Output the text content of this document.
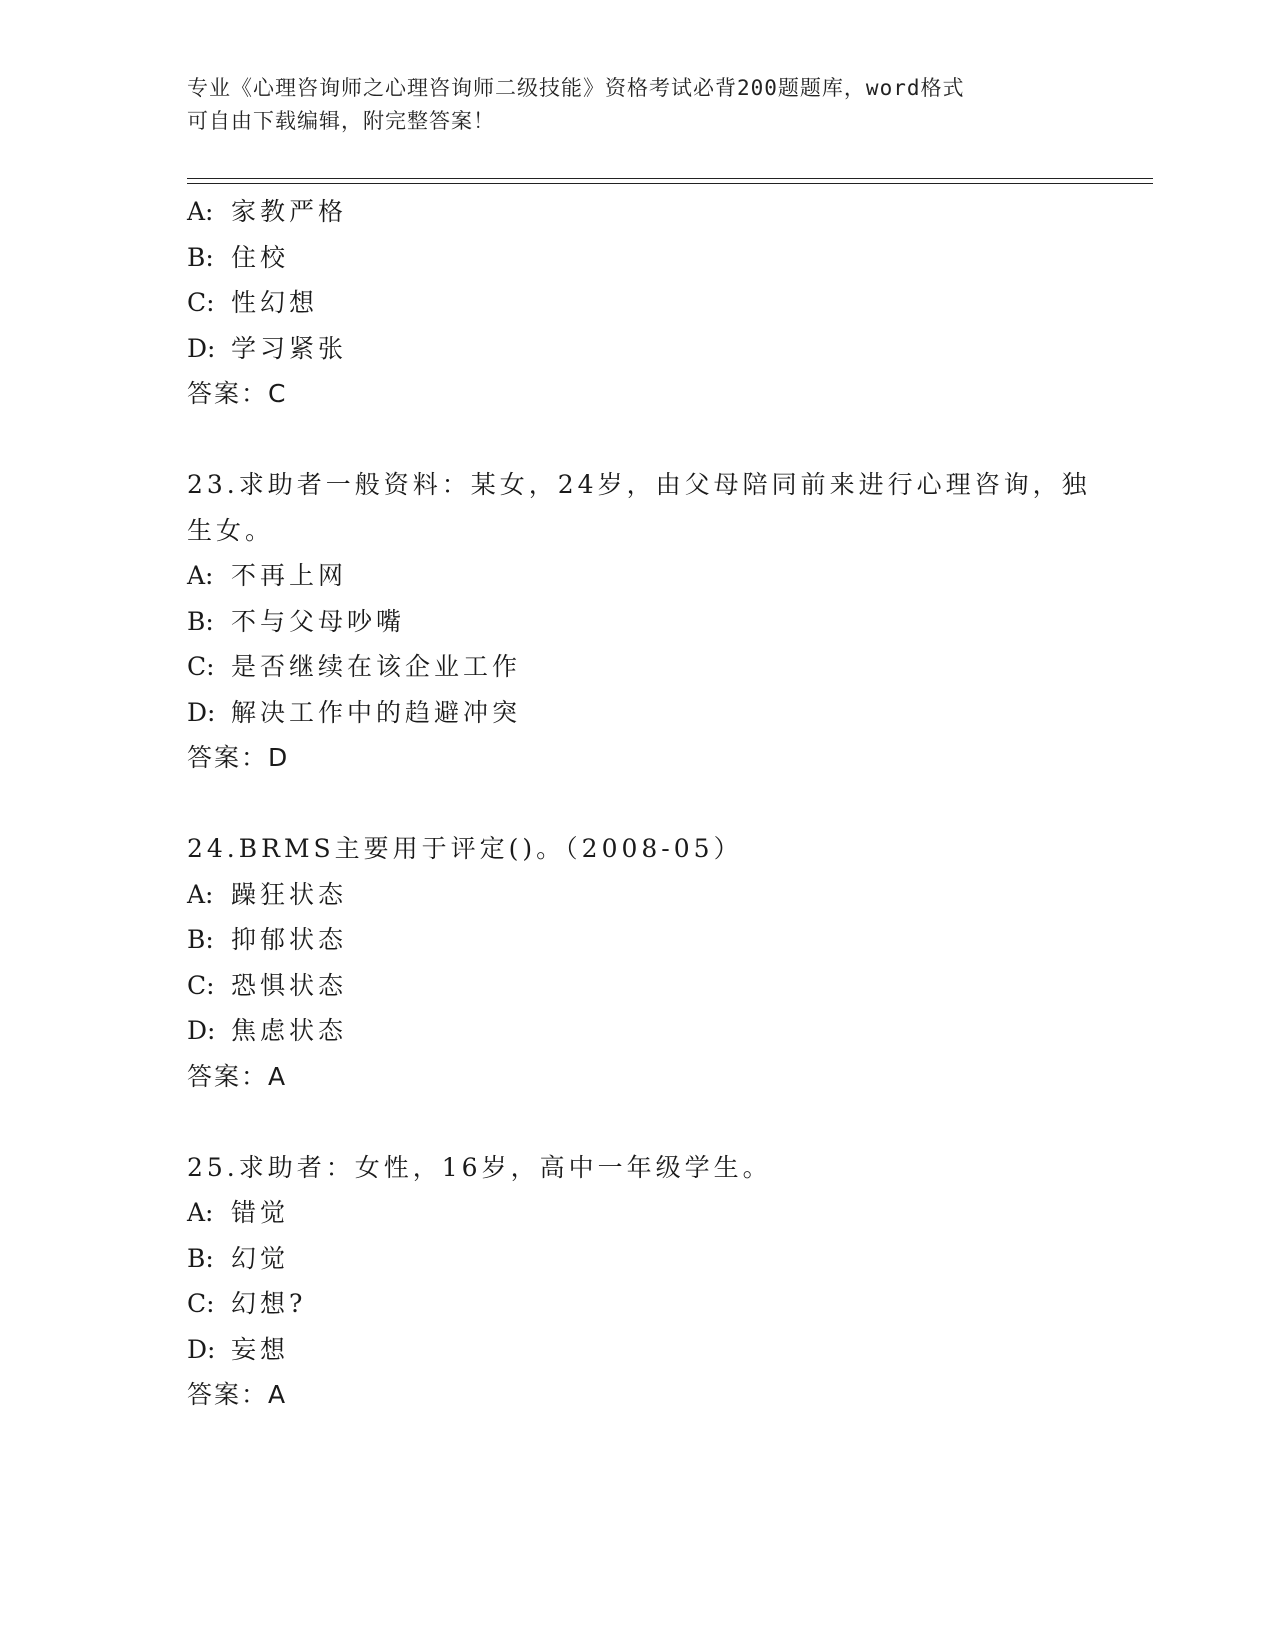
专业《心理咨询师之心理咨询师二级技能》资格考试必背200题题库，word格式
可自由下载编辑，附完整答案！
A: 家教严格
B: 住校
C: 性幻想
D: 学习紧张
答案：C
23.求助者一般资料：某女，24岁，由父母陪同前来进行心理咨询，独
生女。
A: 不再上网
B: 不与父母吵嘴
C: 是否继续在该企业工作
D: 解决工作中的趋避冲突
答案：D
24.BRMS主要用于评定()。（2008-05）
A: 躁狂状态
B: 抑郁状态
C: 恐惧状态
D: 焦虑状态
答案：A
25.求助者：女性，16岁，高中一年级学生。
A: 错觉
B: 幻觉
C: 幻想?
D: 妄想
答案：A
